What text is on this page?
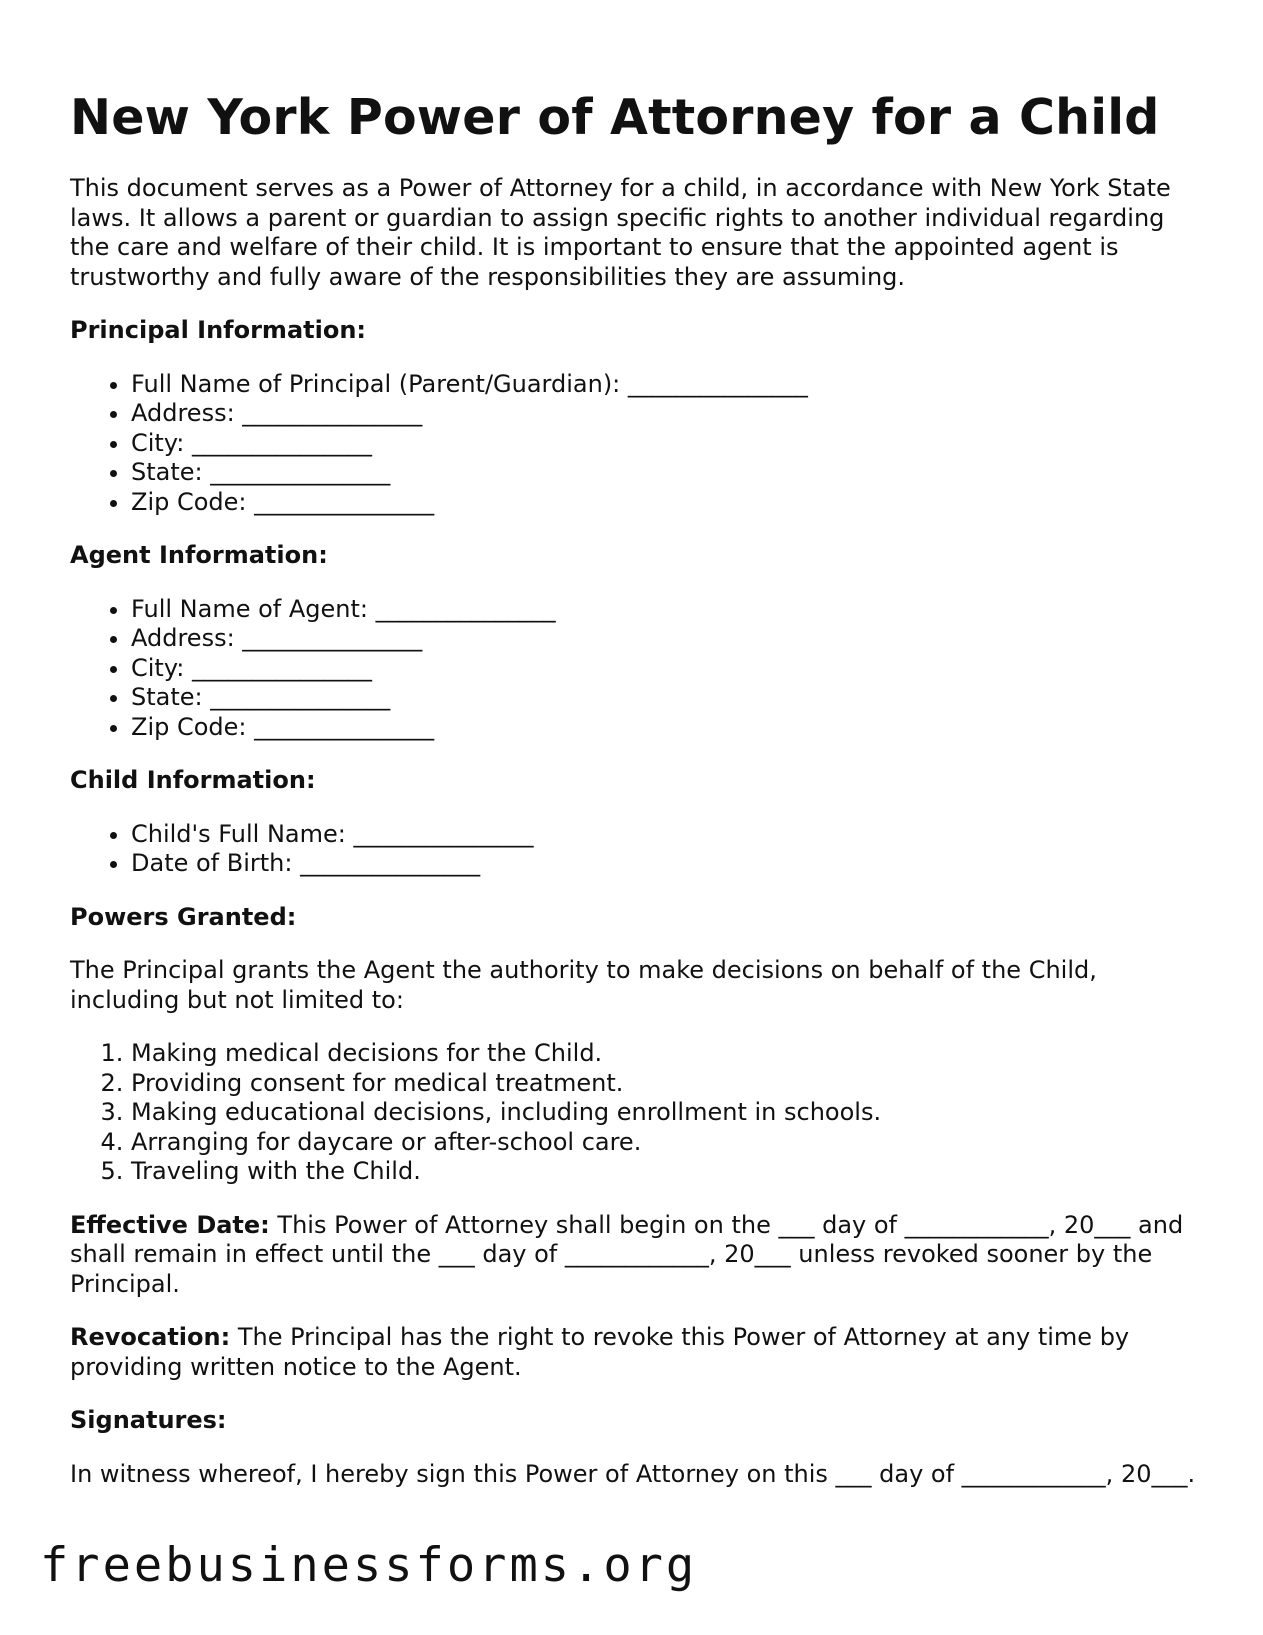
New York Power of Attorney for a Child

This document serves as a Power of Attorney for a child, in accordance with New York State laws. It allows a parent or guardian to assign specific rights to another individual regarding the care and welfare of their child. It is important to ensure that the appointed agent is trustworthy and fully aware of the responsibilities they are assuming.

Principal Information:

• Full Name of Principal (Parent/Guardian): _______________
• Address: _______________
• City: _______________
• State: _______________
• Zip Code: _______________

Agent Information:

• Full Name of Agent: _______________
• Address: _______________
• City: _______________
• State: _______________
• Zip Code: _______________

Child Information:

• Child's Full Name: _______________
• Date of Birth: _______________

Powers Granted:

The Principal grants the Agent the authority to make decisions on behalf of the Child, including but not limited to:

1. Making medical decisions for the Child.
2. Providing consent for medical treatment.
3. Making educational decisions, including enrollment in schools.
4. Arranging for daycare or after-school care.
5. Traveling with the Child.

Effective Date: This Power of Attorney shall begin on the ___ day of ____________, 20___ and shall remain in effect until the ___ day of ____________, 20___ unless revoked sooner by the Principal.

Revocation: The Principal has the right to revoke this Power of Attorney at any time by providing written notice to the Agent.

Signatures:

In witness whereof, I hereby sign this Power of Attorney on this ___ day of ____________, 20___.

freebusinessforms.org
